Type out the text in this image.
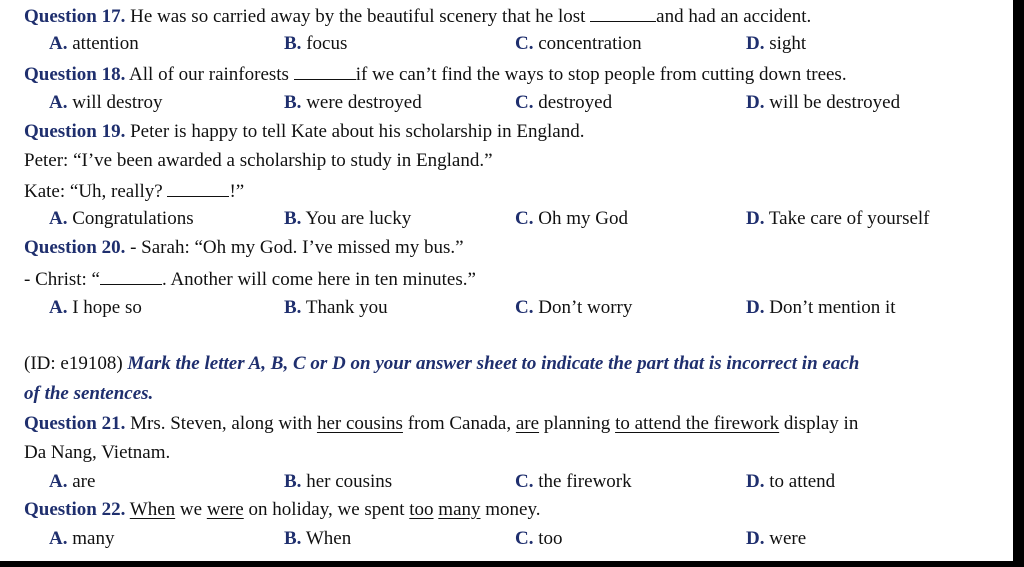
Question 17. He was so carried away by the beautiful scenery that he lost	and had an accident.
A. attention	B. focus	C. concentration	D. sight
Question 18. All of our rainforests	if we can’t find the ways to stop people from cutting down trees.
A. will destroy	B. were destroyed	C. destroyed	D. will be destroyed
Question 19. Peter is happy to tell Kate about his scholarship in England.
Peter: “I’ve been awarded a scholarship to study in England.”
Kate: “Uh, really?	!”
A. Congratulations	B. You are lucky	C. Oh my God	D. Take care of yourself
Question 20. - Sarah: “Oh my God. I’ve missed my bus.”
- Christ: “	. Another will come here in ten minutes.”
A. I hope so	B. Thank you	C. Don’t worry	D. Don’t mention it
(ID: e19108) Mark the letter A, B, C or D on your answer sheet to indicate the part that is incorrect in each
of the sentences.
Question 21. Mrs. Steven, along with her cousins from Canada, are planning to attend the firework display in
Da Nang, Vietnam.
A. are	B. her cousins	C. the firework	D. to attend
Question 22. When we were on holiday, we spent too many money.
A. many	B. When	C. too	D. were
